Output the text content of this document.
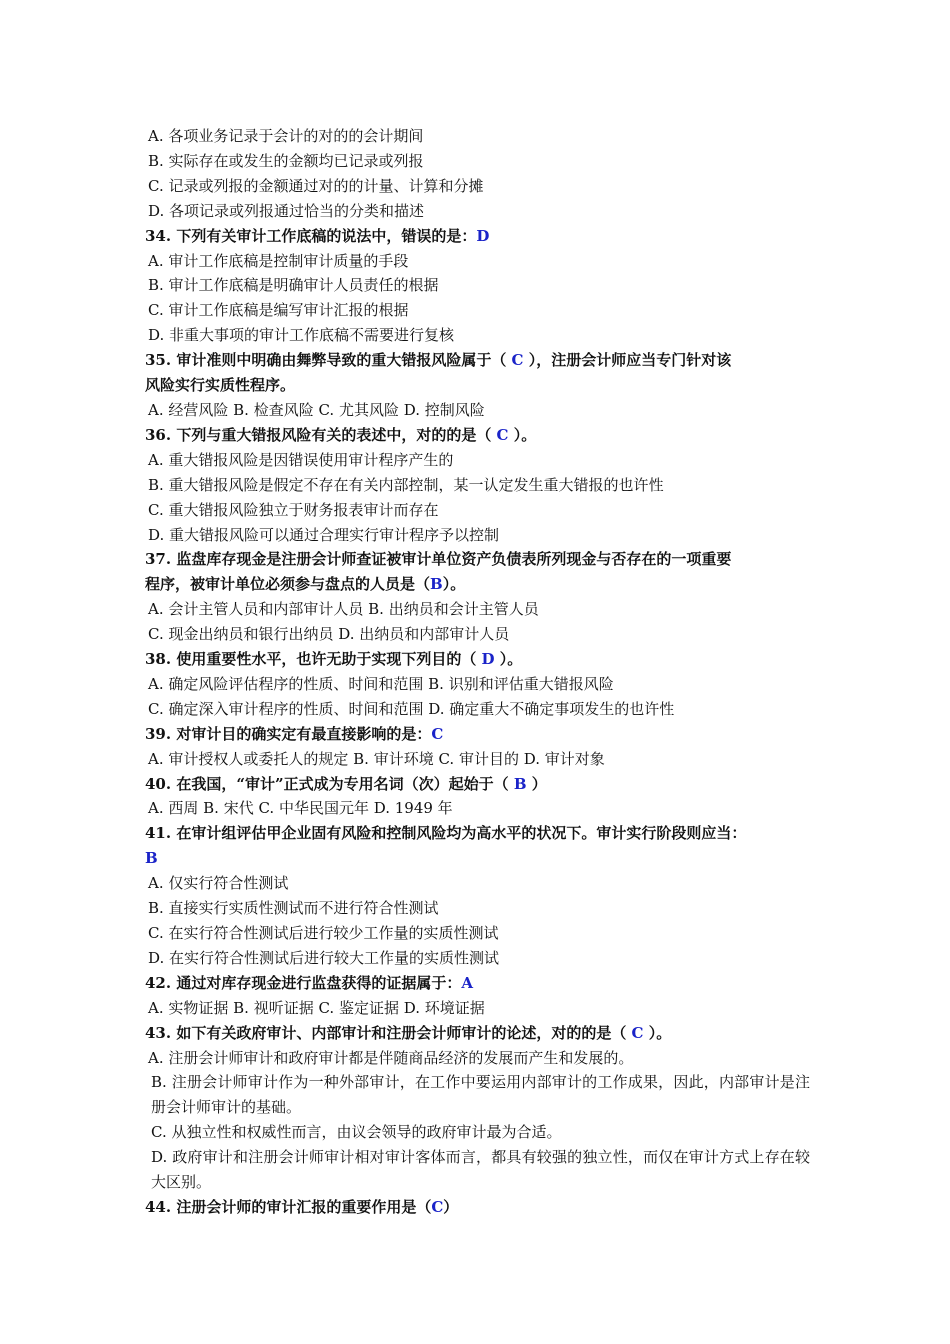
A. 各项业务记录于会计的对的的会计期间
B. 实际存在或发生的金额均已记录或列报
C. 记录或列报的金额通过对的的计量、计算和分摊
D. 各项记录或列报通过恰当的分类和描述
34. 下列有关审计工作底稿的说法中，错误的是：D
A. 审计工作底稿是控制审计质量的手段
B. 审计工作底稿是明确审计人员责任的根据
C. 审计工作底稿是编写审计汇报的根据
D. 非重大事项的审计工作底稿不需要进行复核
35. 审计准则中明确由舞弊导致的重大错报风险属于（ C ），注册会计师应当专门针对该
风险实行实质性程序。
A. 经营风险 B. 检查风险 C. 尤其风险 D. 控制风险
36. 下列与重大错报风险有关的表述中，对的的是（ C ）。
A. 重大错报风险是因错误使用审计程序产生的
B. 重大错报风险是假定不存在有关内部控制，某一认定发生重大错报的也许性
C. 重大错报风险独立于财务报表审计而存在
D. 重大错报风险可以通过合理实行审计程序予以控制
37. 监盘库存现金是注册会计师查证被审计单位资产负债表所列现金与否存在的一项重要
程序，被审计单位必须参与盘点的人员是（B）。
A. 会计主管人员和内部审计人员 B. 出纳员和会计主管人员
C. 现金出纳员和银行出纳员 D. 出纳员和内部审计人员
38. 使用重要性水平，也许无助于实现下列目的（ D ）。
A. 确定风险评估程序的性质、时间和范围 B. 识别和评估重大错报风险
C. 确定深入审计程序的性质、时间和范围 D. 确定重大不确定事项发生的也许性
39. 对审计目的确实定有最直接影响的是：C
A. 审计授权人或委托人的规定 B. 审计环境 C. 审计目的 D. 审计对象
40. 在我国，“审计”正式成为专用名词（次）起始于（ B ）
A. 西周 B. 宋代 C. 中华民国元年 D. 1949 年
41. 在审计组评估甲企业固有风险和控制风险均为高水平的状况下。审计实行阶段则应当：
B
A. 仅实行符合性测试
B. 直接实行实质性测试而不进行符合性测试
C. 在实行符合性测试后进行较少工作量的实质性测试
D. 在实行符合性测试后进行较大工作量的实质性测试
42. 通过对库存现金进行监盘获得的证据属于：A
A. 实物证据 B. 视听证据 C. 鉴定证据 D. 环境证据
43. 如下有关政府审计、内部审计和注册会计师审计的论述，对的的是（ C ）。
A. 注册会计师审计和政府审计都是伴随商品经济的发展而产生和发展的。
B. 注册会计师审计作为一种外部审计，在工作中要运用内部审计的工作成果，因此，内部审计是注册会计师审计的基础。
C. 从独立性和权威性而言，由议会领导的政府审计最为合适。
D. 政府审计和注册会计师审计相对审计客体而言，都具有较强的独立性，而仅在审计方式上存在较大区别。
44. 注册会计师的审计汇报的重要作用是（C）
